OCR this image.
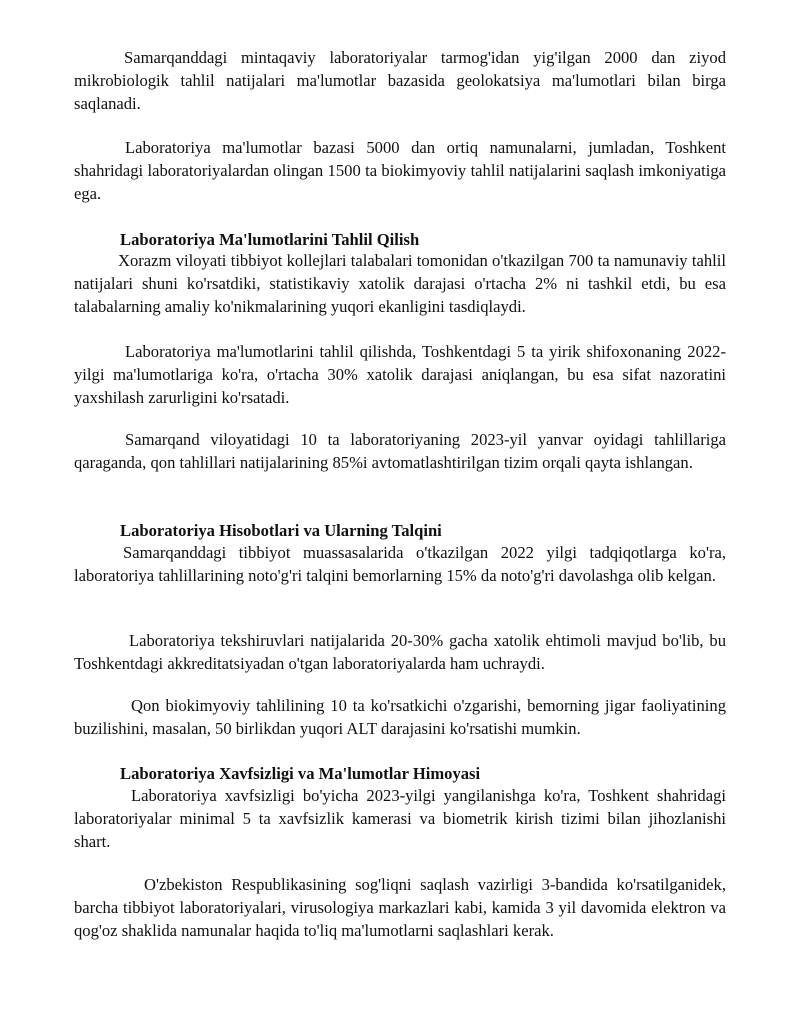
Samarqanddagi mintaqaviy laboratoriyalar tarmog'idan yig'ilgan 2000 dan ziyod mikrobiologik tahlil natijalari ma'lumotlar bazasida geolokatsiya ma'lumotlari bilan birga saqlanadi.

Laboratoriya ma'lumotlar bazasi 5000 dan ortiq namunalarni, jumladan, Toshkent shahridagi laboratoriyalardan olingan 1500 ta biokimyoviy tahlil natijalarini saqlash imkoniyatiga ega.

Laboratoriya Ma'lumotlarini Tahlil Qilish

Xorazm viloyati tibbiyot kollejlari talabalari tomonidan o'tkazilgan 700 ta namunaviy tahlil natijalari shuni ko'rsatdiki, statistikaviy xatolik darajasi o'rtacha 2% ni tashkil etdi, bu esa talabalarning amaliy ko'nikmalarining yuqori ekanligini tasdiqlaydi.

Laboratoriya ma'lumotlarini tahlil qilishda, Toshkentdagi 5 ta yirik shifoxonaning 2022-yilgi ma'lumotlariga ko'ra, o'rtacha 30% xatolik darajasi aniqlangan, bu esa sifat nazoratini yaxshilash zarurligini ko'rsatadi.

Samarqand viloyatidagi 10 ta laboratoriyaning 2023-yil yanvar oyidagi tahlillariga qaraganda, qon tahlillari natijalarining 85%i avtomatlashtirilgan tizim orqali qayta ishlangan.

Laboratoriya Hisobotlari va Ularning Talqini

Samarqanddagi tibbiyot muassasalarida o'tkazilgan 2022 yilgi tadqiqotlarga ko'ra, laboratoriya tahlillarining noto'g'ri talqini bemorlarning 15% da noto'g'ri davolashga olib kelgan.

Laboratoriya tekshiruvlari natijalarida 20-30% gacha xatolik ehtimoli mavjud bo'lib, bu Toshkentdagi akkreditatsiyadan o'tgan laboratoriyalarda ham uchraydi.

Qon biokimyoviy tahlilining 10 ta ko'rsatkichi o'zgarishi, bemorning jigar faoliyatining buzilishini, masalan, 50 birlikdan yuqori ALT darajasini ko'rsatishi mumkin.

Laboratoriya Xavfsizligi va Ma'lumotlar Himoyasi

Laboratoriya xavfsizligi bo'yicha 2023-yilgi yangilanishga ko'ra, Toshkent shahridagi laboratoriyalar minimal 5 ta xavfsizlik kamerasi va biometrik kirish tizimi bilan jihozlanishi shart.

O'zbekiston Respublikasining sog'liqni saqlash vazirligi 3-bandida ko'rsatilganidek, barcha tibbiyot laboratoriyalari, virusologiya markazlari kabi, kamida 3 yil davomida elektron va qog'oz shaklida namunalar haqida to'liq ma'lumotlarni saqlashlari kerak.
